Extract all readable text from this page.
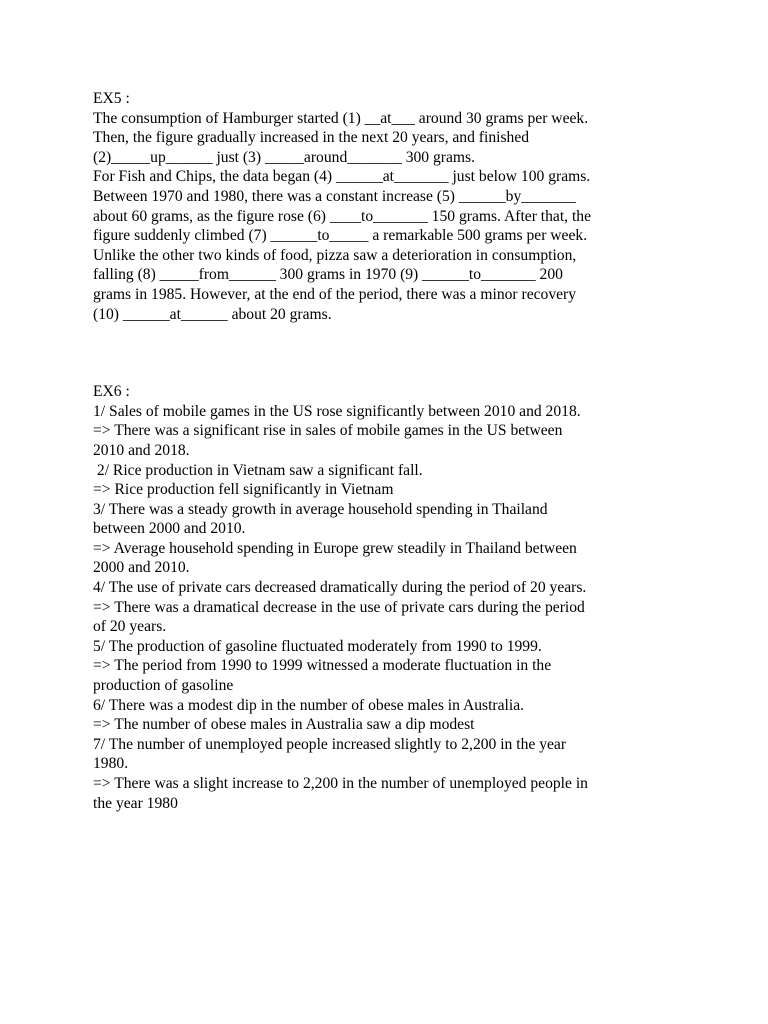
EX5 :
The consumption of Hamburger started (1) __at___ around 30 grams per week.
Then, the figure gradually increased in the next 20 years, and finished
(2)_____up______ just (3) _____around_______ 300 grams.
For Fish and Chips, the data began (4) ______at_______ just below 100 grams.
Between 1970 and 1980, there was a constant increase (5) ______by_______
about 60 grams, as the figure rose (6) ____to_______ 150 grams. After that, the
figure suddenly climbed (7) ______to_____ a remarkable 500 grams per week.
Unlike the other two kinds of food, pizza saw a deterioration in consumption,
falling (8) _____from______ 300 grams in 1970 (9) ______to_______ 200
grams in 1985. However, at the end of the period, there was a minor recovery
(10) ______at______ about 20 grams.
EX6 :
1/ Sales of mobile games in the US rose significantly between 2010 and 2018.
=> There was a significant rise in sales of mobile games in the US between
2010 and 2018.
2/ Rice production in Vietnam saw a significant fall.
=> Rice production fell significantly in Vietnam
3/ There was a steady growth in average household spending in Thailand
between 2000 and 2010.
=> Average household spending in Europe grew steadily in Thailand between
2000 and 2010.
4/ The use of private cars decreased dramatically during the period of 20 years.
=> There was a dramatical decrease in the use of private cars during the period
of 20 years.
5/ The production of gasoline fluctuated moderately from 1990 to 1999.
=> The period from 1990 to 1999 witnessed a moderate fluctuation in the
production of gasoline
6/ There was a modest dip in the number of obese males in Australia.
=> The number of obese males in Australia saw a dip modest
7/ The number of unemployed people increased slightly to 2,200 in the year
1980.
=> There was a slight increase to 2,200 in the number of unemployed people in
the year 1980
